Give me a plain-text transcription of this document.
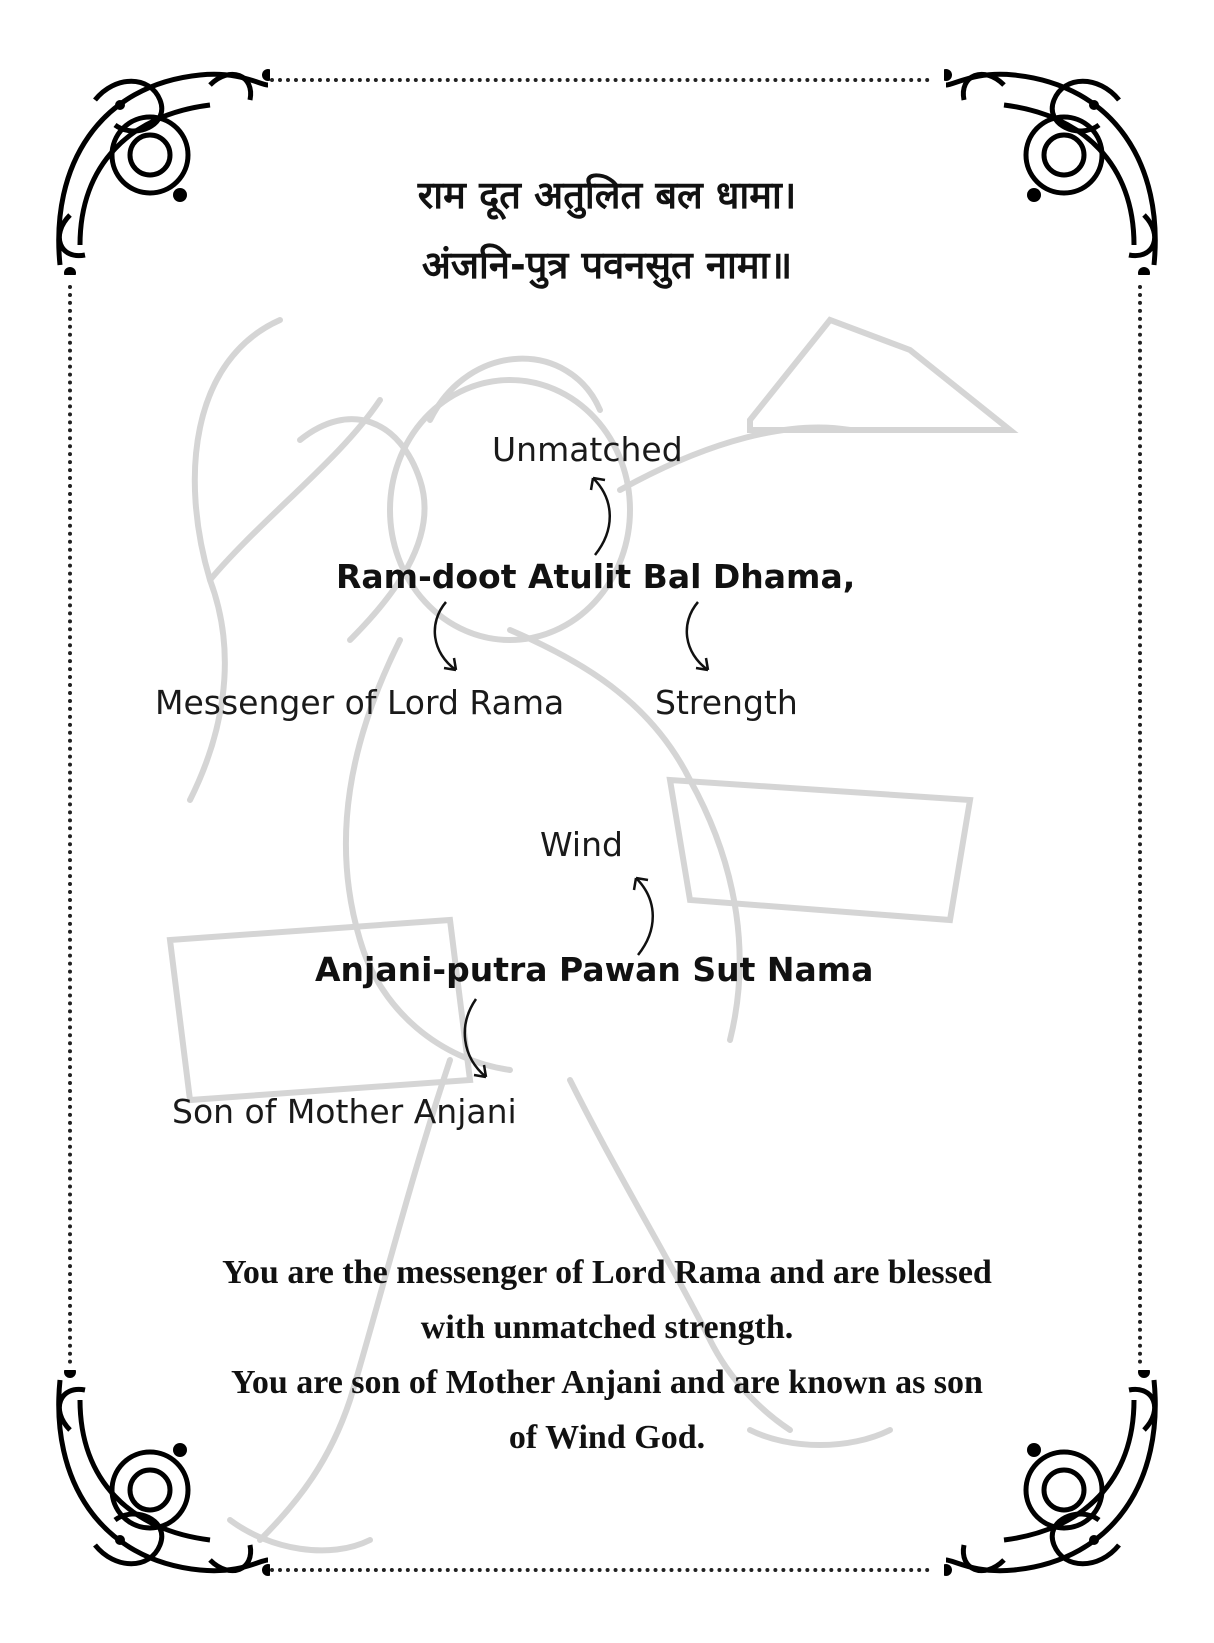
राम दूत अतुलित बल धामा।
अंजनि-पुत्र पवनसुत नामा॥
Unmatched
Ram-doot Atulit Bal Dhama,
Messenger of Lord Rama	Strength
Wind
Anjani-putra Pawan Sut Nama
Son of Mother Anjani
You are the messenger of Lord Rama and are blessed
with unmatched strength.
You are son of Mother Anjani and are known as son
of Wind God.
